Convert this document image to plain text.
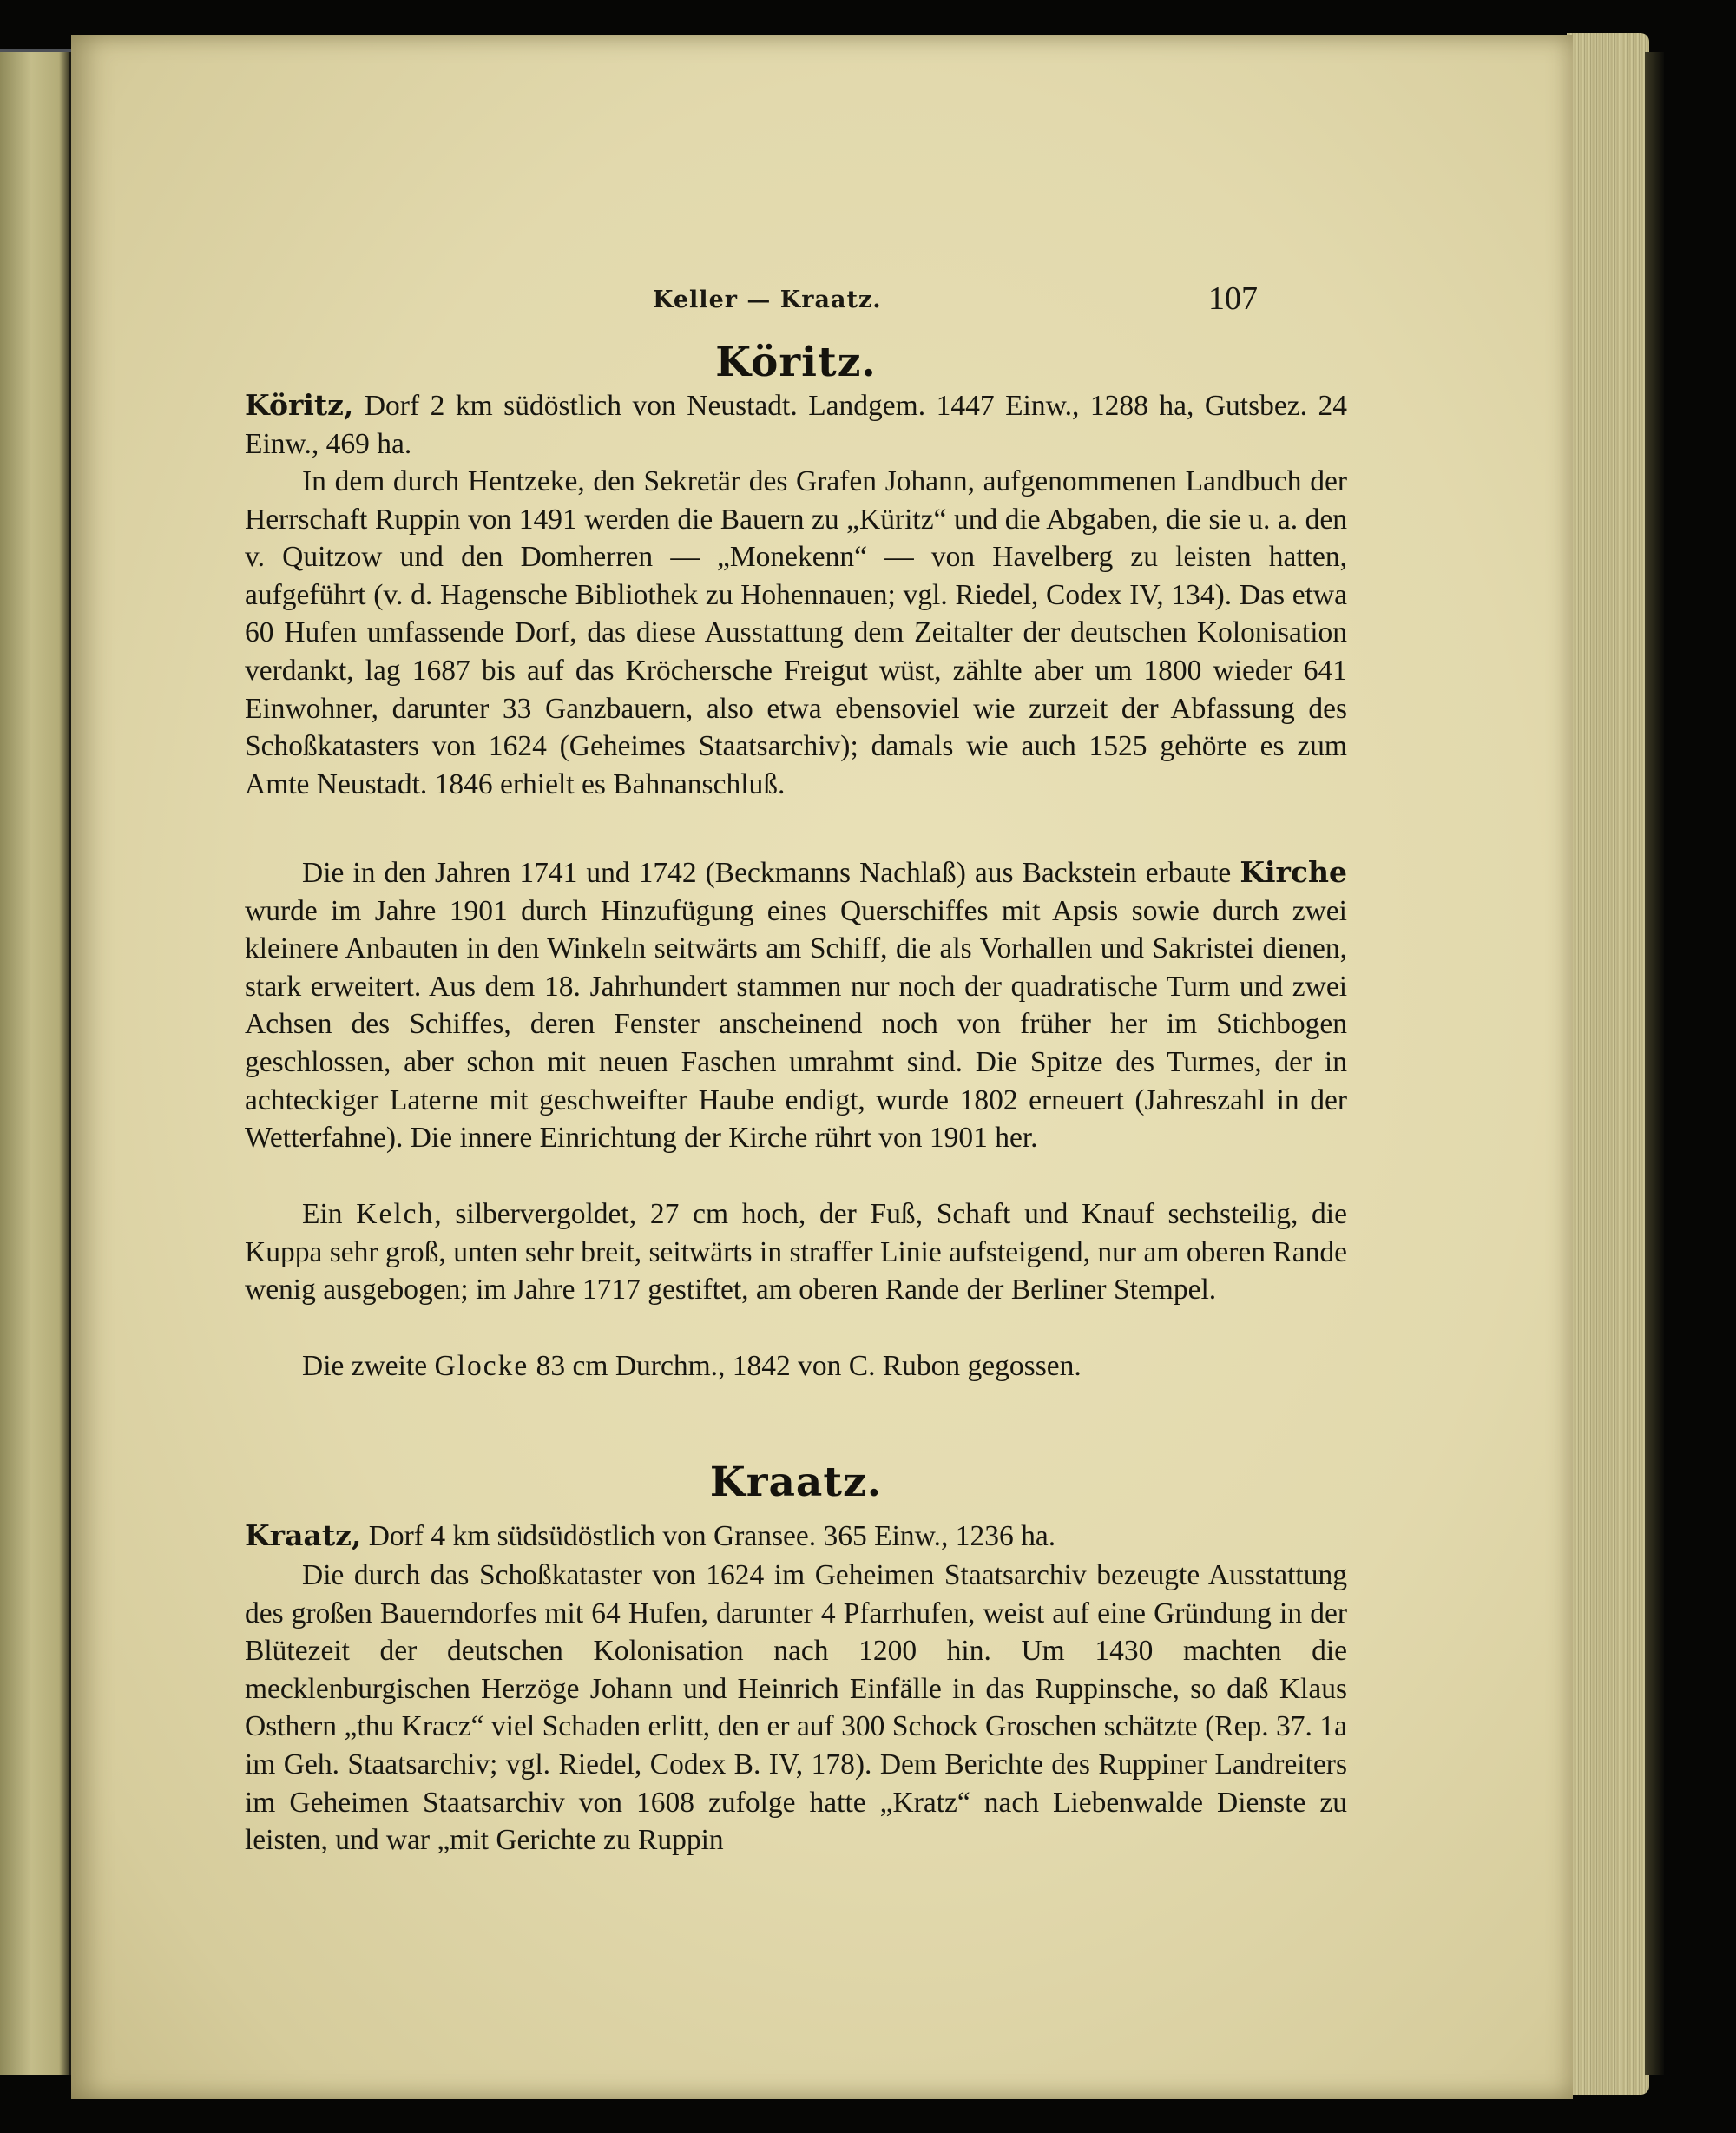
Keller — Kraatz.	107
Köritz.

Köritz, Dorf 2 km südöstlich von Neustadt. Landgem. 1447 Einw., 1288 ha, Gutsbez. 24 Einw., 469 ha.

In dem durch Hentzeke, den Sekretär des Grafen Johann, aufgenommenen Landbuch der Herrschaft Ruppin von 1491 werden die Bauern zu „Küritz“ und die Abgaben, die sie u. a. den v. Quitzow und den Domherren — „Monekenn“ — von Havelberg zu leisten hatten, aufgeführt (v. d. Hagensche Bibliothek zu Hohennauen; vgl. Riedel, Codex IV, 134). Das etwa 60 Hufen umfassende Dorf, das diese Ausstattung dem Zeitalter der deutschen Kolonisation verdankt, lag 1687 bis auf das Kröchersche Freigut wüst, zählte aber um 1800 wieder 641 Einwohner, darunter 33 Ganzbauern, also etwa ebensoviel wie zurzeit der Abfassung des Schoßkatasters von 1624 (Geheimes Staatsarchiv); damals wie auch 1525 gehörte es zum Amte Neustadt. 1846 erhielt es Bahnanschluß.

Die in den Jahren 1741 und 1742 (Beckmanns Nachlaß) aus Backstein erbaute Kirche wurde im Jahre 1901 durch Hinzufügung eines Querschiffes mit Apsis sowie durch zwei kleinere Anbauten in den Winkeln seitwärts am Schiff, die als Vorhallen und Sakristei dienen, stark erweitert. Aus dem 18. Jahrhundert stammen nur noch der quadratische Turm und zwei Achsen des Schiffes, deren Fenster anscheinend noch von früher her im Stichbogen geschlossen, aber schon mit neuen Faschen umrahmt sind. Die Spitze des Turmes, der in achteckiger Laterne mit geschweifter Haube endigt, wurde 1802 erneuert (Jahreszahl in der Wetterfahne). Die innere Einrichtung der Kirche rührt von 1901 her.

Ein Kelch, silbervergoldet, 27 cm hoch, der Fuß, Schaft und Knauf sechsteilig, die Kuppa sehr groß, unten sehr breit, seitwärts in straffer Linie aufsteigend, nur am oberen Rande wenig ausgebogen; im Jahre 1717 gestiftet, am oberen Rande der Berliner Stempel.

Die zweite Glocke 83 cm Durchm., 1842 von C. Rubon gegossen.

Kraatz.

Kraatz, Dorf 4 km südsüdöstlich von Gransee. 365 Einw., 1236 ha.

Die durch das Schoßkataster von 1624 im Geheimen Staatsarchiv bezeugte Ausstattung des großen Bauerndorfes mit 64 Hufen, darunter 4 Pfarrhufen, weist auf eine Gründung in der Blütezeit der deutschen Kolonisation nach 1200 hin. Um 1430 machten die mecklenburgischen Herzöge Johann und Heinrich Einfälle in das Ruppinsche, so daß Klaus Osthern „thu Kracz“ viel Schaden erlitt, den er auf 300 Schock Groschen schätzte (Rep. 37. 1a im Geh. Staatsarchiv; vgl. Riedel, Codex B. IV, 178). Dem Berichte des Ruppiner Landreiters im Geheimen Staatsarchiv von 1608 zufolge hatte „Kratz“ nach Liebenwalde Dienste zu leisten, und war „mit Gerichte zu Ruppin
